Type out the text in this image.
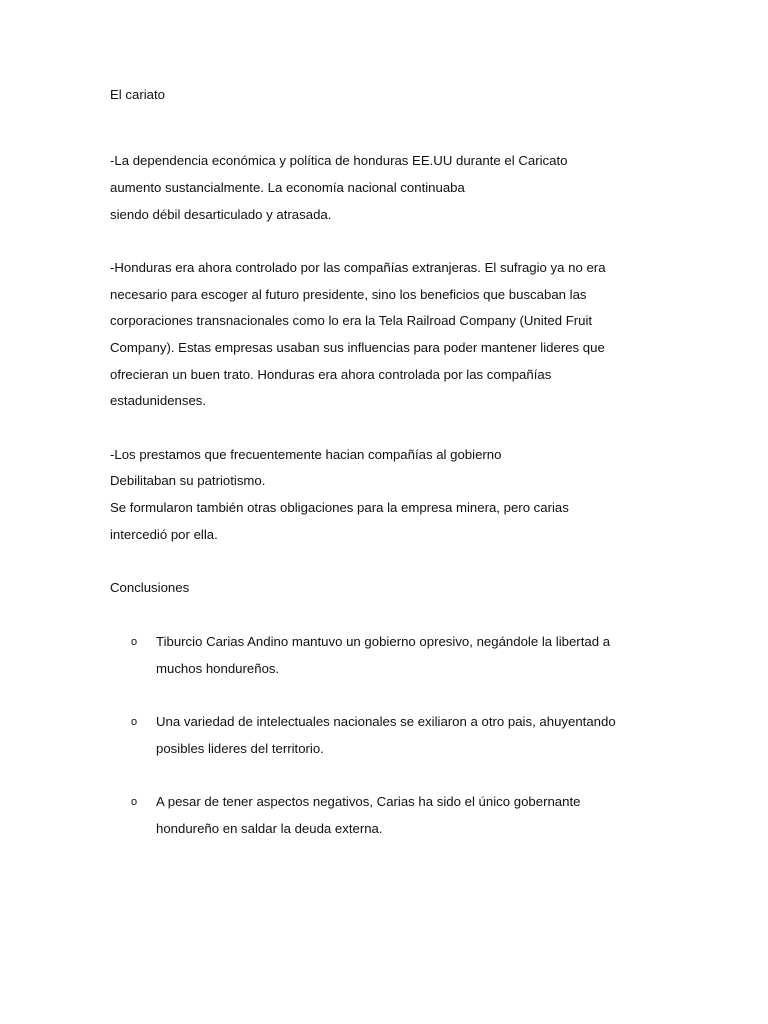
El cariato
-La dependencia económica y política de honduras EE.UU durante el Caricato
aumento sustancialmente. La economía nacional continuaba
siendo débil desarticulado y atrasada.
-Honduras era ahora controlado por las compañías extranjeras. El sufragio ya no era
necesario para escoger al futuro presidente, sino los beneficios que buscaban las
corporaciones transnacionales como lo era la Tela Railroad Company (United Fruit
Company). Estas empresas usaban sus influencias para poder mantener lideres que
ofrecieran un buen trato. Honduras era ahora controlada por las compañías
estadunidenses.
-Los prestamos que frecuentemente hacian compañías al gobierno
Debilitaban su patriotismo.
Se formularon también otras obligaciones para la empresa minera, pero carias
intercedió por ella.
Conclusiones
o Tiburcio Carias Andino mantuvo un gobierno opresivo, negándole la libertad a
muchos hondureños.
o Una variedad de intelectuales nacionales se exiliaron a otro pais, ahuyentando
posibles lideres del territorio.
o A pesar de tener aspectos negativos, Carias ha sido el único gobernante
hondureño en saldar la deuda externa.
